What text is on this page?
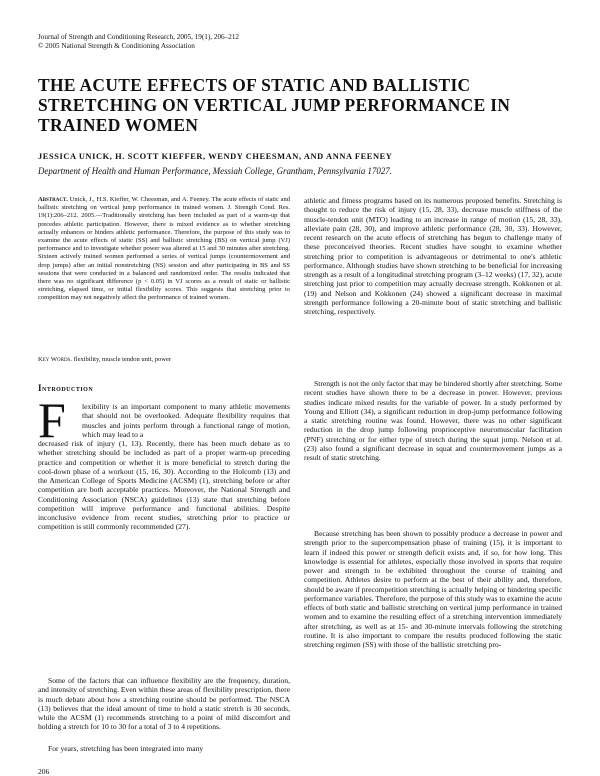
Journal of Strength and Conditioning Research, 2005, 19(1), 206–212
© 2005 National Strength & Conditioning Association
THE ACUTE EFFECTS OF STATIC AND BALLISTIC STRETCHING ON VERTICAL JUMP PERFORMANCE IN TRAINED WOMEN
JESSICA UNICK, H. SCOTT KIEFFER, WENDY CHEESMAN, AND ANNA FEENEY
Department of Health and Human Performance, Messiah College, Grantham, Pennsylvania 17027.
Abstract. Unick, J., H.S. Kieffer, W. Cheesman, and A. Feeney. The acute effects of static and ballistic stretching on vertical jump performance in trained women. J. Strength Cond. Res. 19(1):206–212. 2005.—Traditionally stretching has been included as part of a warm-up that precedes athletic participation. However, there is mixed evidence as to whether stretching actually enhances or hinders athletic performance. Therefore, the purpose of this study was to examine the acute effects of static (SS) and ballistic stretching (BS) on vertical jump (VJ) performance and to investigate whether power was altered at 15 and 30 minutes after stretching. Sixteen actively trained women performed a series of vertical jumps (countermovement and drop jumps) after an initial nonstretching (NS) session and after participating in BS and SS sessions that were conducted in a balanced and randomized order. The results indicated that there was no significant difference (p < 0.05) in VJ scores as a result of static or ballistic stretching, elapsed time, or initial flexibility scores. This suggests that stretching prior to competition may not negatively affect the performance of trained women.
Key Words. flexibility, muscle tendon unit, power
Introduction
F lexibility is an important component to many athletic movements that should not be overlooked. Adequate flexibility requires that muscles and joints perform through a functional range of motion, which may lead to a

decreased risk of injury (1, 13). Recently, there has been much debate as to whether stretching should be included as part of a proper warm-up preceding practice and competition or whether it is more beneficial to stretch during the cool-down phase of a workout (15, 16, 30). According to the Holcomb (13) and the American College of Sports Medicine (ACSM) (1), stretching before or after competition are both acceptable practices. Moreover, the National Strength and Conditioning Association (NSCA) guidelines (13) state that stretching before competition will improve performance and functional abilities. Despite inconclusive evidence from recent studies, stretching prior to practice or competition is still commonly recommended (27).

Some of the factors that can influence flexibility are the frequency, duration, and intensity of stretching. Even within these areas of flexibility prescription, there is much debate about how a stretching routine should be performed. The NSCA (13) believes that the ideal amount of time to hold a static stretch is 30 seconds, while the ACSM (1) recommends stretching to a point of mild discomfort and holding a stretch for 10 to 30 for a total of 3 to 4 repetitions.

For years, stretching has been integrated into many

athletic and fitness programs based on its numerous proposed benefits. Stretching is thought to reduce the risk of injury (15, 28, 33), decrease muscle stiffness of the muscle-tendon unit (MTO) leading to an increase in range of motion (15, 28, 33), alleviate pain (28, 30), and improve athletic performance (28, 30, 33). However, recent research on the acute effects of stretching has begun to challenge many of these preconceived theories. Recent studies have sought to examine whether stretching prior to competition is advantageous or detrimental to one's athletic performance. Although studies have shown stretching to be beneficial for increasing strength as a result of a longitudinal stretching program (3–12 weeks) (17, 32), acute stretching just prior to competition may actually decrease strength. Kokkonen et al. (19) and Nelson and Kokkonen (24) showed a significant decrease in maximal strength performance following a 20-minute bout of static stretching and ballistic stretching, respectively.

Strength is not the only factor that may be hindered shortly after stretching. Some recent studies have shown there to be a decrease in power. However, previous studies indicate mixed results for the variable of power. In a study performed by Young and Elliott (34), a significant reduction in drop-jump performance following a static stretching routine was found. However, there was no other significant reduction in the drop jump following proprioceptive neuromuscular facilitation (PNF) stretching or for either type of stretch during the squat jump. Nelson et al. (23) also found a significant decrease in squat and countermovement jumps as a result of static stretching.

Because stretching has been shown to possibly produce a decrease in power and strength prior to the supercompensation phase of training (15), it is important to learn if indeed this power or strength deficit exists and, if so, for how long. This knowledge is essential for athletes, especially those involved in sports that require power and strength to be exhibited throughout the course of training and competition. Athletes desire to perform at the best of their ability and, therefore, should be aware if precompetition stretching is actually helping or hindering specific performance variables. Therefore, the purpose of this study was to examine the acute effects of both static and ballistic stretching on vertical jump performance in trained women and to examine the resulting effect of a stretching intervention immediately after stretching, as well as at 15- and 30-minute intervals following the stretching routine. It is also important to compare the results produced following the static stretching regimen (SS) with those of the ballistic stretching pro-

206
